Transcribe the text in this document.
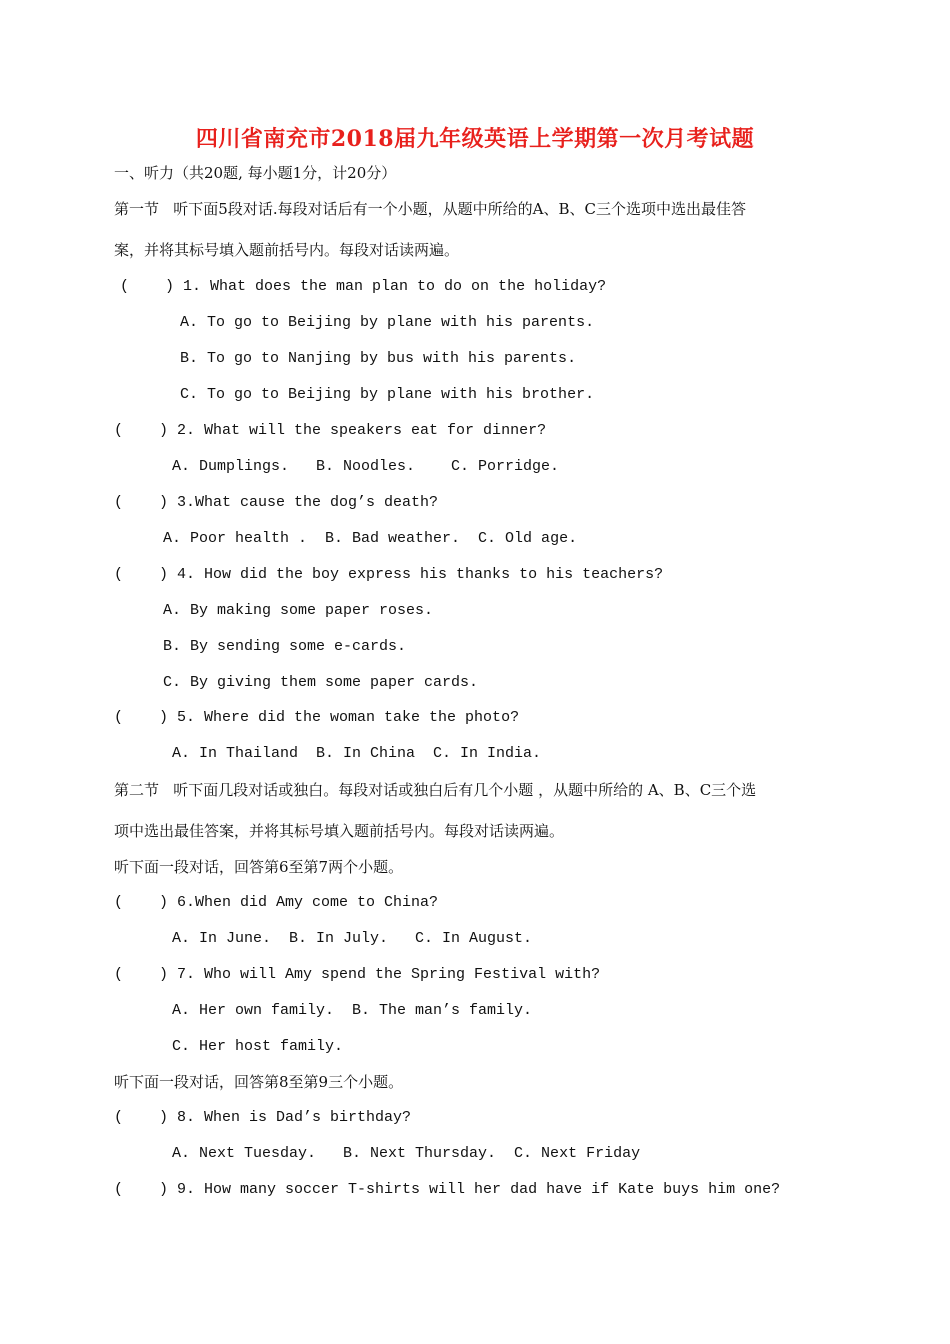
四川省南充市2018届九年级英语上学期第一次月考试题
一、听力（共20题, 每小题1分，计20分）
第一节   听下面5段对话.每段对话后有一个小题，从题中所给的A、B、C三个选项中选出最佳答
案，并将其标号填入题前括号内。每段对话读两遍。
(    ) 1. What does the man plan to do on the holiday?
A. To go to Beijing by plane with his parents.
B. To go to Nanjing by bus with his parents.
C. To go to Beijing by plane with his brother.
(    ) 2. What will the speakers eat for dinner?
A. Dumplings.   B. Noodles.    C. Porridge.
(    ) 3.What cause the dog’s death?
A. Poor health .  B. Bad weather.  C. Old age.
(    ) 4. How did the boy express his thanks to his teachers?
A. By making some paper roses.
B. By sending some e-cards.
C. By giving them some paper cards.
(    ) 5. Where did the woman take the photo?
A. In Thailand  B. In China  C. In India.
第二节   听下面几段对话或独白。每段对话或独白后有几个小题 ，从题中所给的 A、B、C三个选
项中选出最佳答案，并将其标号填入题前括号内。每段对话读两遍。
听下面一段对话，回答第6至第7两个小题。
(    ) 6.When did Amy come to China?
A. In June.  B. In July.   C. In August.
(    ) 7. Who will Amy spend the Spring Festival with?
A. Her own family.  B. The man’s family.
C. Her host family.
听下面一段对话，回答第8至第9三个小题。
(    ) 8. When is Dad’s birthday?
A. Next Tuesday.   B. Next Thursday.  C. Next Friday
(    ) 9. How many soccer T-shirts will her dad have if Kate buys him one?
